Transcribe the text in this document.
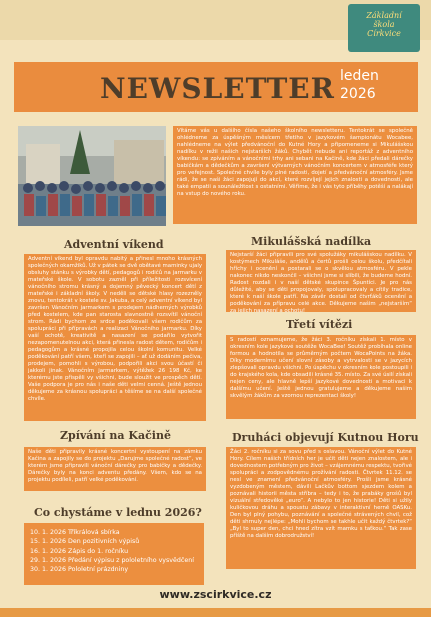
Základní
škola
Církvice
NEWSLETTER leden
2026

Vítáme vás u dalšího čísla našeho školního newsletteru. Tentokrát se společně ohlédneme za úspěšným měsícem třetiho v jazykovém šampionátu Wocabee, nahlédneme na výlet předvánoční do Kutné Hory a připomeneme si Mikulášskou nadílku v režii našich nejstarších žáků. Chybět nebude ani reportáž z adventního víkendu: se zpíváním a vánočními trhy ani sebani na Kačině, kde žáci předali dárečky babičkám a dědečkům a završení výtvarných vánočním koncertem v atmosféře který pro veřejnost. Společné chvíle byly plné radosti, dojetí a předvánoční atmosféry. Jsme rádi, že se naši žáci zapojují do akcí, které rozvíjejí jejich znalosti a dovednosti, ale také empatii a sounáležitost s ostatními. Věříme, že i vás tyto příběhy potěší a nalákají na vstup do nového roku.

Adventní víkend

Adventní víkend byl opravdu nabitý a přinesl mnoho krásných společných okamžiků. Už v pátek se dvě obětavé maminky ujaly obsluhy stánku s výrobky dětí, pedagogů i rodičů na jarmarku v mateřské škole. V sobotu zazněl při příležitosti rozsvícení vánočního stromu krásný a dojemný pěvecký koncert dětí z mateřské i základní školy. V neděli se dětské hlasy rozezněly znovu, tentokrát v kostele sv. Jakuba, a celý adventní víkend byl završen Vánočním jarmarkem s prodejem nádherných výrobků před kostelem, kde pan starosta slavnostně rozsvítil vánoční strom. Rádi bychom ze srdce poděkovali všem rodičům za spolupráci při přípravách a realizaci Vánočního jarmarku. Díky vaší ochotě, kreativitě a nasazení se podařilo vytvořit nezapomenutelnou akci, která přinesla radost dětem, rodičům i pedagogům a krásné propojila celou školní komunitu. Velké poděkování patří všem, kteří se zapojili – ať už dodáním pečiva, prodejem, pomohli s výrobou, podpořili akci svou účastí či jakkoli jinak. Vánočním jarmarkem, výtěžek 26 198 Kč, ke kterému jste přispěli vy všichni, bude sloužit ve prospěch dětí. Vaše podpora je pro nás i naše děti velmi cenná. Ještě jednou děkujeme za krásnou spolupráci a těšíme se na další společné chvíle.

Zpívání na Kačině

Naše děti připravily krásné koncertní vystoupení na zámku Kačina a zapojily se do projektu „Darujme společné radost“, ve kterém jsme připravili vánoční dárečky pro babičky a dědečky. Dárečky byly na konci adventu předány. Všem, kdo se na projektu podíleli, patří velké poděkování.

Co chystáme v lednu 2026?
10. 1. 2026 Tříkrálová sbírka
15. 1. 2026 Den pozitivních výpisů
16. 1. 2026 Zápis do 1. ročníku
29. 1. 2026 Předání výpisu z pololetního vysvědčení
30. 1. 2026 Pololetní prázdniny
Mikulášská nadílka

Nejstarší žáci připravili pro své spolužáky mikulášskou nadílku. V kostýmech Mikuláše, andělů a čertů prošli celou školu, předčítali hříchy i ocenění a postarali se o skvělou atmosféru. V pekle nakonec nikdo neskončil – všichni jsme si slíbili, že budeme hodní. Radost rozdali i v naší dětské skupince Špuntíci. Je pro nás důležité, aby se děti propojovaly, spolupracovaly a cítily tradice, které k naší škole patří. Na závěr dostali od čtvrťáků ocenění a poděkování za přípravu celé akce. Děkujeme našim „nejstarším“ za jejich nasazení a ochotu!

Třetí vítězi

S radostí oznamujeme, že žáci 3. ročníku získali 1. místo v okresním kole jazykové soutěže WocaBee! Soutěž probíhala online formou a hodnotila se průměrným počtem WocaPoints na žáka. Díky modernímu učení slovní zásoby a vytrvalosti se v jazycích zlepšovali opravdu všichni. Po úspěchu v okresním kole postoupili i do krajského kola, kde obsadili krásné 35. místo. Za své úsilí získali nejen ceny, ale hlavně lepší jazykové dovednosti a motivaci k dalšímu učení. Ještě jednou gratulujeme a děkujeme našim skvělým žákům za vzornou reprezentaci školy!

Druháci objevují Kutnou Horu

Žáci 2. ročníku si za sovu před s oslavou. Vánoční výlet do Kutné Hory. Cílem našich třídních her je učit děti nejen znalostem, ale i dovednostem potřebným pro život – vzájemnému respektu, tvořivé spolupráci a zodpovědnému prožívání radosti. Čtvrtek 11.12. se nesl ve znamení předvánoční atmosféry. Prošli jsme krásné vyzdobeným městem, dávili Lačkův bottom sjezdem kolem a poznávali historii města stříbra – tedy i to, že prabáky grošů byl vizuální středověké „euro“. A nebylo to jen historie! Děti si užily kuličkovou dráhu a spoustu zábavy v interaktivní herně OASKu. Den byl plný pohybu, poznávání a společné strávených chvil, což děti shrnuly nejlépe: „Mohli bychom se takhle učit každý čtvrtek?“ „Byl to super den, chci hned zítra vzít mamku s taťkou.“ Tak zase příště na dalším dobrodružství!

www.zscirkvice.cz
